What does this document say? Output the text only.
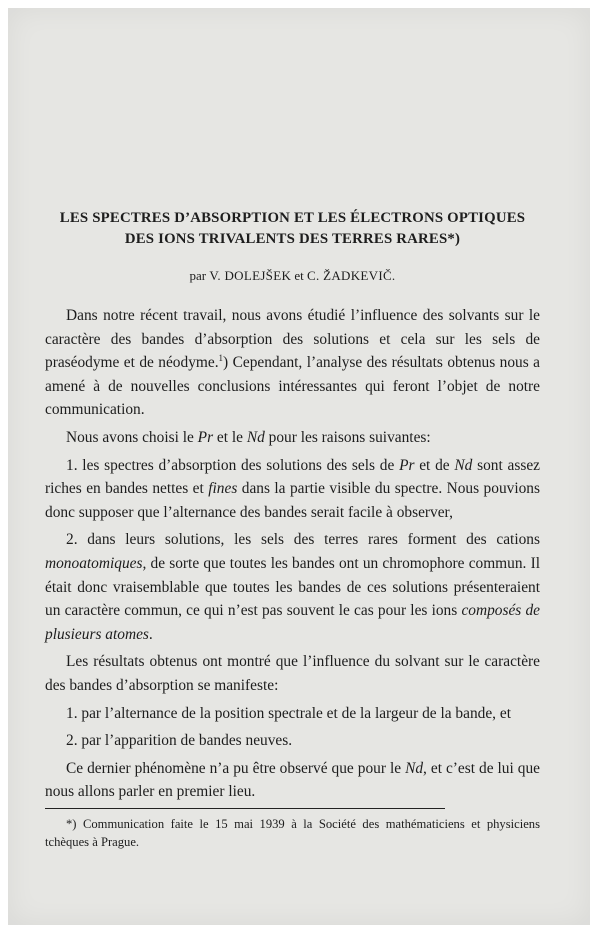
LES SPECTRES D’ABSORPTION ET LES ÉLECTRONS OPTIQUES
DES IONS TRIVALENTS DES TERRES RARES*)
par V. DOLEJŠEK et C. ŽADKEVIČ.

Dans notre récent travail, nous avons étudié l’influence des solvants sur le caractère des bandes d’absorption des solutions et cela sur les sels de praséodyme et de néodyme.$^1$) Cependant, l’analyse des résultats obtenus nous a amené à de nouvelles conclusions intéressantes qui feront l’objet de notre communication.

Nous avons choisi le Pr et le Nd pour les raisons suivantes:

1. les spectres d’absorption des solutions des sels de Pr et de Nd sont assez riches en bandes nettes et fines dans la partie visible du spectre. Nous pouvions donc supposer que l’alternance des bandes serait facile à observer,

2. dans leurs solutions, les sels des terres rares forment des cations monoatomiques, de sorte que toutes les bandes ont un chromophore commun. Il était donc vraisemblable que toutes les bandes de ces solutions présenteraient un caractère commun, ce qui n’est pas souvent le cas pour les ions composés de plusieurs atomes.

Les résultats obtenus ont montré que l’influence du solvant sur le caractère des bandes d’absorption se manifeste:

1. par l’alternance de la position spectrale et de la largeur de la bande, et

2. par l’apparition de bandes neuves.

Ce dernier phénomène n’a pu être observé que pour le Nd, et c’est de lui que nous allons parler en premier lieu.

*) Communication faite le 15 mai 1939 à la Société des mathématiciens et physiciens tchèques à Prague.
